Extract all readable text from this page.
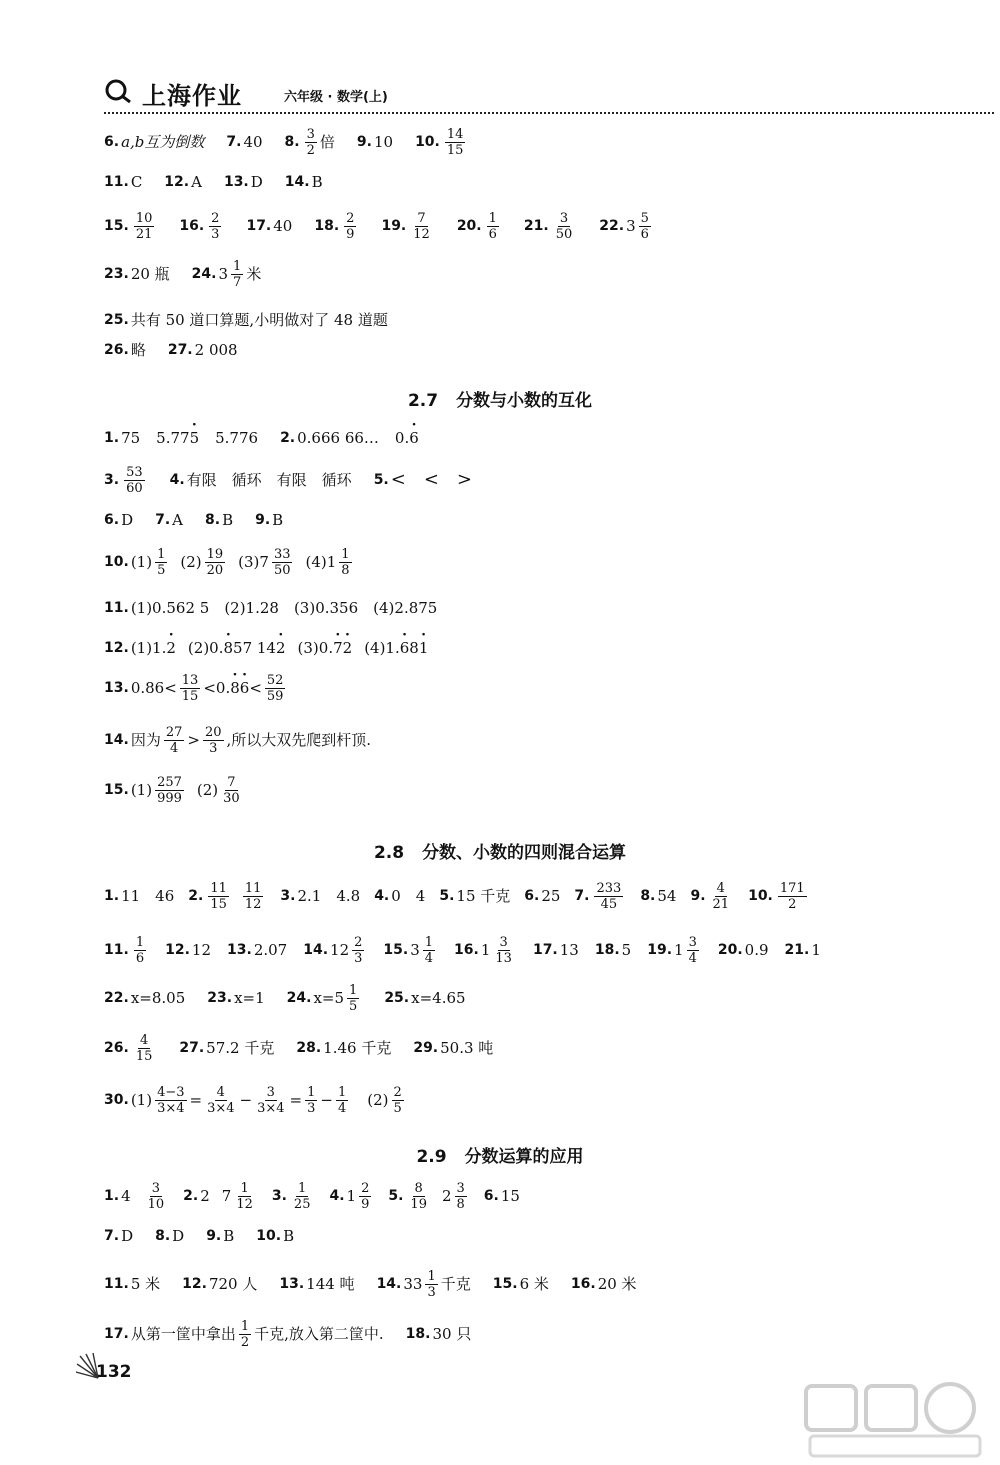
上海作业	六年级 · 数学(上)
6. a,b互为倒数 7. 40 8. $\frac{3}{2}$ 倍 9. 10 10. $\frac{14}{15}$
11. C 12. A 13. D 14. B
15. $\frac{10}{21} 16$. $\frac{2}{3} 17$. 40 18. $\frac{2}{9} 19$. $\frac{7}{12} 20$. $\frac{1}{6} 21$. $\frac{3}{50} 22$. $3 \frac{5}{6}$
23. 20 瓶 24. $3 \frac{1}{7}$ 米
25. 共有 50 道口算题,小明做对了 48 道题
26. 略 27. 2 008
2.7 分数与小数的互化
1. 75 5.77
· 5 5.776 2. 0.666 66… 0.
· 6
3. $\frac{53}{60} 4$. 有限　循环　有限　循环 5. <　<　>
6. D 7. A 8. B 9. B
10. $(1) \frac{1}{5} (2) \frac{19}{20} (3)$ $7 \frac{33}{50} (4)$ $1 \frac{1}{8}$
11. (1)0.562 5　(2)1.28　(3)0.356　(4)2.875
12. (1)1.
· 2 (2)0.
· 8 57 14
· 2 (3)0.
· 7
· 2 (4)1.
· 6 8
· 1
13. $0.86< \frac{13}{15} <0$.
· 8
· $6 < \frac{52}{59}$
14. 因为 $\frac{27}{4} > \frac{20}{3}$ ,所以大双先爬到杆顶.
15. $(1) \frac{257}{999} (2) \frac{7}{30}$
2.8 分数、小数的四则混合运算
1. 11　46 2. $\frac{11}{15} \frac{11}{12} 3$. 2.1　4.8 4. 0　4 5. 15 千克 6. 25 7. $\frac{233}{45} 8$. 54 9. $\frac{4}{21} 10$. $\frac{171}{2}$
11. $\frac{1}{6} 12$. 12 13. 2.07 14. $12 \frac{2}{3} 15$. $3 \frac{1}{4} 16$. $1 \frac{3}{13} 17$. 13 18. 5 19. $1 \frac{3}{4} 20$. 0.9 21. 1
22. x=8.05 23. x=1 24. $x=5 \frac{1}{5} 25$. x=4.65
26. $\frac{4}{15} 27$. 57.2 千克 28. 1.46 千克 29. 50.3 吨
30. $(1) \frac{4-3}{3\times 4} = \frac{4}{3\times 4} - \frac{3}{3\times 4} = \frac{1}{3} - \frac{1}{4} (2) \frac{2}{5}$
2.9 分数运算的应用
1. $4 \frac{3}{10} 2$. 2 $7 \frac{1}{12} 3$. $\frac{1}{25} 4$. $1 \frac{2}{9} 5$. $\frac{8}{19} 2 \frac{3}{8} 6$. 15
7. D 8. D 9. B 10. B
11. 5 米 12. 720 人 13. 144 吨 14. $33 \frac{1}{3}$ 千克 15. 6 米 16. 20 米
17. 从第一筐中拿出 $\frac{1}{2}$ 千克,放入第二筐中. 18. 30 只
132
